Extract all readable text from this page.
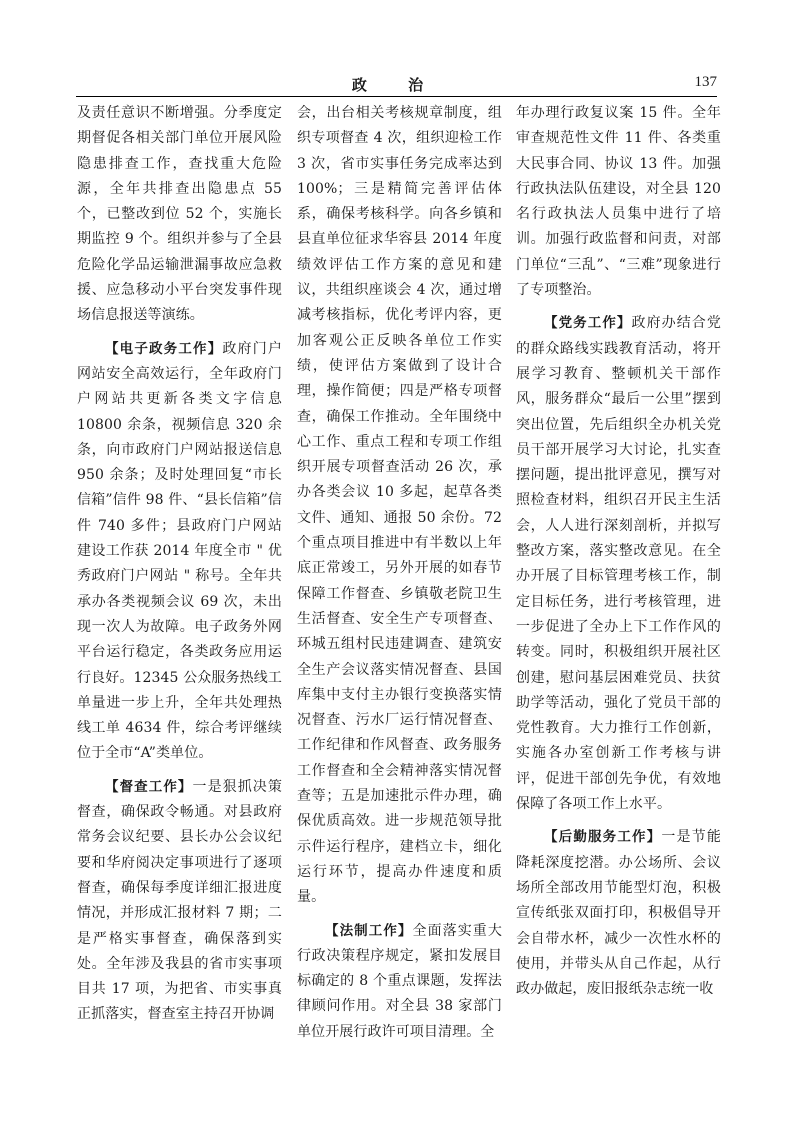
政 治	137

及责任意识不断增强。分季度定期督促各相关部门单位开展风险隐患排查工作，查找重大危险源，全年共排查出隐患点 55 个，已整改到位 52 个，实施长期监控 9 个。组织并参与了全县危险化学品运输泄漏事故应急救援、应急移动小平台突发事件现场信息报送等演练。

【电子政务工作】政府门户网站安全高效运行，全年政府门户网站共更新各类文字信息 10800 余条，视频信息 320 余条，向市政府门户网站报送信息 950 余条；及时处理回复“市长信箱”信件 98 件、“县长信箱”信件 740 多件；县政府门户网站建设工作获 2014 年度全市 " 优秀政府门户网站 " 称号。全年共承办各类视频会议 69 次，未出现一次人为故障。电子政务外网平台运行稳定，各类政务应用运行良好。12345 公众服务热线工单量进一步上升，全年共处理热线工单 4634 件，综合考评继续位于全市“A”类单位。

【督查工作】一是狠抓决策督查，确保政令畅通。对县政府常务会议纪要、县长办公会议纪要和华府阅决定事项进行了逐项督查，确保每季度详细汇报进度情况，并形成汇报材料 7 期；二是严格实事督查，确保落到实处。全年涉及我县的省市实事项目共 17 项，为把省、市实事真正抓落实，督查室主持召开协调

会，出台相关考核规章制度，组织专项督查 4 次，组织迎检工作 3 次，省市实事任务完成率达到 100%；三是精简完善评估体系，确保考核科学。向各乡镇和县直单位征求华容县 2014 年度绩效评估工作方案的意见和建议，共组织座谈会 4 次，通过增减考核指标，优化考评内容，更加客观公正反映各单位工作实绩，使评估方案做到了设计合理，操作简便；四是严格专项督查，确保工作推动。全年围绕中心工作、重点工程和专项工作组织开展专项督查活动 26 次，承办各类会议 10 多起，起草各类文件、通知、通报 50 余份。72 个重点项目推进中有半数以上年底正常竣工，另外开展的如春节保障工作督查、乡镇敬老院卫生生活督查、安全生产专项督查、环城五组村民违建调查、建筑安全生产会议落实情况督查、县国库集中支付主办银行变换落实情况督查、污水厂运行情况督查、工作纪律和作风督查、政务服务工作督查和全会精神落实情况督查等；五是加速批示件办理，确保优质高效。进一步规范领导批示件运行程序，建档立卡，细化运行环节，提高办件速度和质量。

【法制工作】全面落实重大行政决策程序规定，紧扣发展目标确定的 8 个重点课题，发挥法律顾问作用。对全县 38 家部门单位开展行政许可项目清理。全

年办理行政复议案 15 件。全年审查规范性文件 11 件、各类重大民事合同、协议 13 件。加强行政执法队伍建设，对全县 120 名行政执法人员集中进行了培训。加强行政监督和问责，对部门单位“三乱”、“三难”现象进行了专项整治。

【党务工作】政府办结合党的群众路线实践教育活动，将开展学习教育、整顿机关干部作风，服务群众“最后一公里”摆到突出位置，先后组织全办机关党员干部开展学习大讨论，扎实查摆问题，提出批评意见，撰写对照检查材料，组织召开民主生活会，人人进行深刻剖析，并拟写整改方案，落实整改意见。在全办开展了目标管理考核工作，制定目标任务，进行考核管理，进一步促进了全办上下工作作风的转变。同时，积极组织开展社区创建，慰问基层困难党员、扶贫助学等活动，强化了党员干部的党性教育。大力推行工作创新，实施各办室创新工作考核与讲评，促进干部创先争优，有效地保障了各项工作上水平。

【后勤服务工作】一是节能降耗深度挖潜。办公场所、会议场所全部改用节能型灯泡，积极宣传纸张双面打印，积极倡导开会自带水杯，减少一次性水杯的使用，并带头从自己作起，从行政办做起，废旧报纸杂志统一收
